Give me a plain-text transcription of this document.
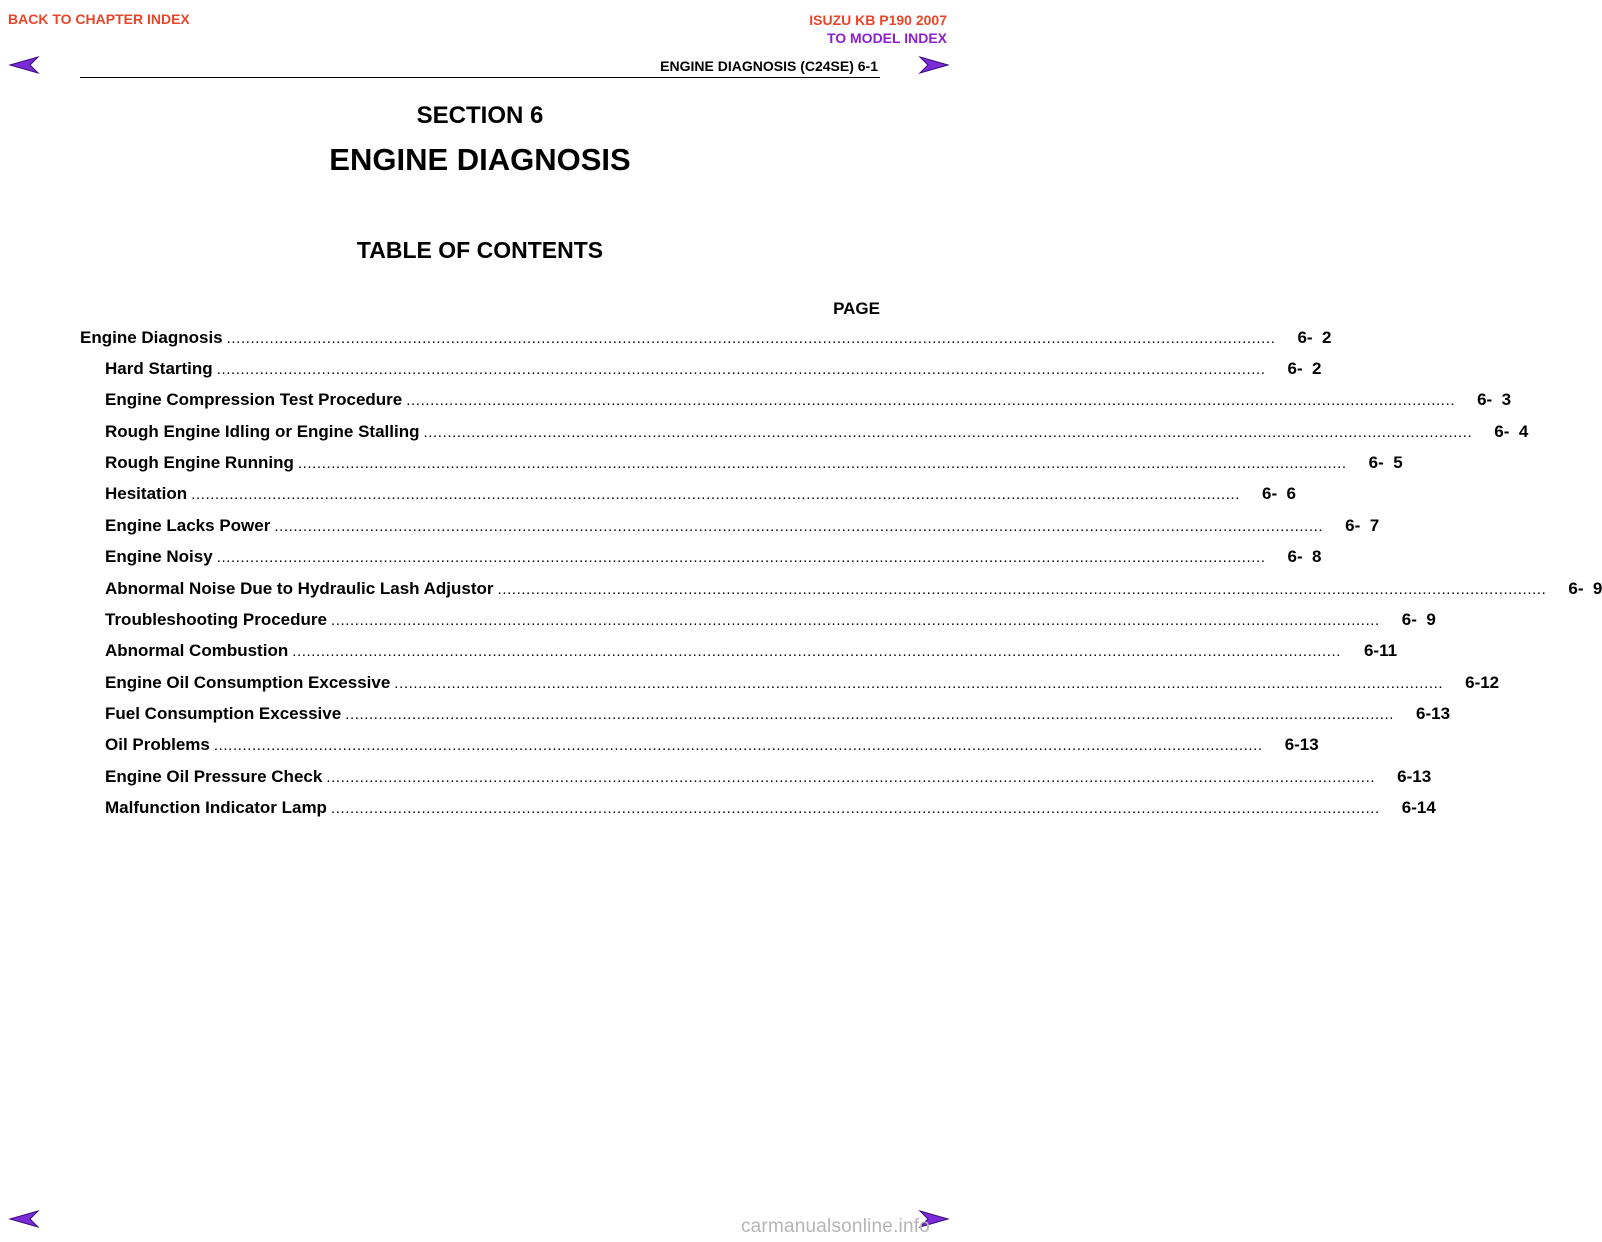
BACK TO CHAPTER INDEX	ISUZU KB P190 2007
TO MODEL INDEX
ENGINE DIAGNOSIS (C24SE) 6-1
SECTION 6
ENGINE DIAGNOSIS
TABLE OF CONTENTS
PAGE
Engine Diagnosis ............................................................................................................................................................................................................................	6-  2
Hard Starting ............................................................................................................................................................................................................................	6-  2
Engine Compression Test Procedure ............................................................................................................................................................................................................................	6-  3
Rough Engine Idling or Engine Stalling ............................................................................................................................................................................................................................	6-  4
Rough Engine Running ............................................................................................................................................................................................................................	6-  5
Hesitation ............................................................................................................................................................................................................................	6-  6
Engine Lacks Power ............................................................................................................................................................................................................................	6-  7
Engine Noisy ............................................................................................................................................................................................................................	6-  8
Abnormal Noise Due to Hydraulic Lash Adjustor ............................................................................................................................................................................................................................	6-  9
Troubleshooting Procedure ............................................................................................................................................................................................................................	6-  9
Abnormal Combustion ............................................................................................................................................................................................................................	6-11
Engine Oil Consumption Excessive ............................................................................................................................................................................................................................	6-12
Fuel Consumption Excessive ............................................................................................................................................................................................................................	6-13
Oil Problems ............................................................................................................................................................................................................................	6-13
Engine Oil Pressure Check ............................................................................................................................................................................................................................	6-13
Malfunction Indicator Lamp ............................................................................................................................................................................................................................	6-14
carmanualsonline.info
